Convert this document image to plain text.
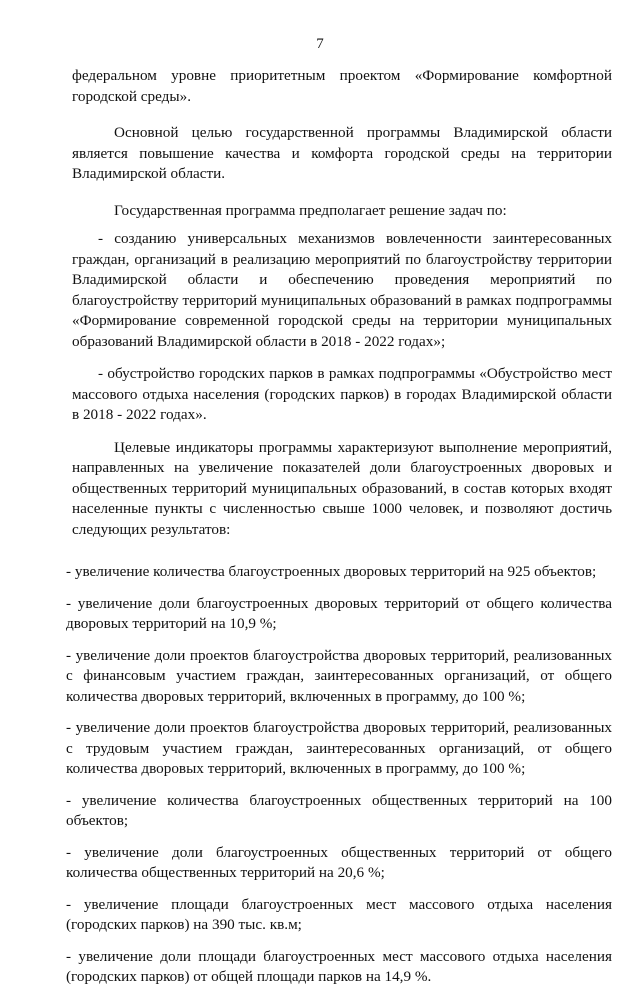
7

федеральном уровне приоритетным проектом «Формирование комфортной городской среды».

Основной целью государственной программы Владимирской области является повышение качества и комфорта городской среды на территории Владимирской области.

Государственная программа предполагает решение задач по:

- созданию универсальных механизмов вовлеченности заинтересованных граждан, организаций в реализацию мероприятий по благоустройству территории Владимирской области и обеспечению проведения мероприятий по благоустройству территорий муниципальных образований в рамках подпрограммы «Формирование современной городской среды на территории муниципальных образований Владимирской области в 2018 - 2022 годах»;

- обустройство городских парков в рамках подпрограммы «Обустройство мест массового отдыха населения (городских парков) в городах Владимирской области в 2018 - 2022 годах».

Целевые индикаторы программы характеризуют выполнение мероприятий, направленных на увеличение показателей доли благоустроенных дворовых и общественных территорий муниципальных образований, в состав которых входят населенные пункты с численностью свыше 1000 человек, и позволяют достичь следующих результатов:

- увеличение количества благоустроенных дворовых территорий на 925 объектов;

- увеличение доли благоустроенных дворовых территорий от общего количества дворовых территорий на 10,9 %;

- увеличение доли проектов благоустройства дворовых территорий, реализованных с финансовым участием граждан, заинтересованных организаций, от общего количества дворовых территорий, включенных в программу, до 100 %;

- увеличение доли проектов благоустройства дворовых территорий, реализованных с трудовым участием граждан, заинтересованных организаций, от общего количества дворовых территорий, включенных в программу, до 100 %;

- увеличение количества благоустроенных общественных территорий на 100 объектов;

- увеличение доли благоустроенных общественных территорий от общего количества общественных территорий на 20,6 %;

- увеличение площади благоустроенных мест массового отдыха населения (городских парков) на 390 тыс. кв.м;

- увеличение доли площади благоустроенных мест массового отдыха населения (городских парков) от общей площади парков на 14,9 %.
